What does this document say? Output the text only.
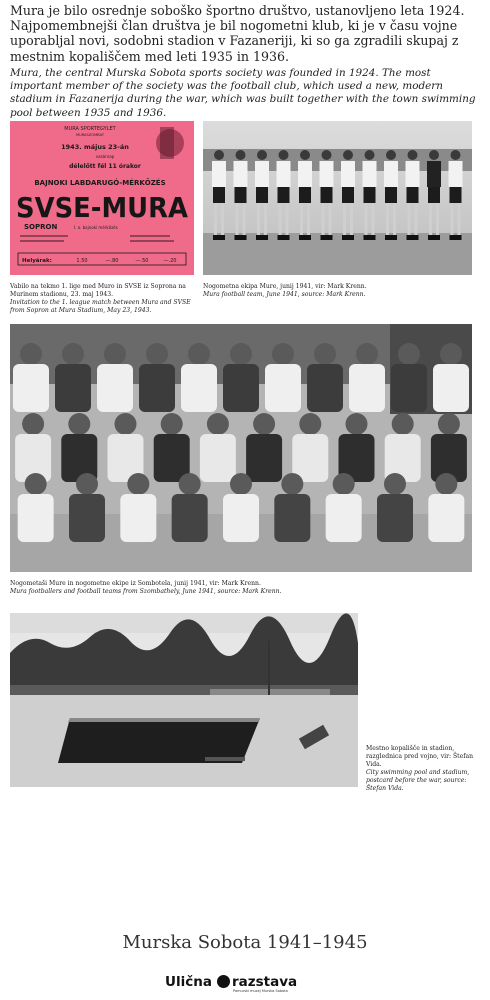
Mura je bilo osrednje soboško športno društvo, ustanovljeno leta 1924. Najpomembnejši član društva je bil nogometni klub, ki je v času vojne uporabljal novi, sodobni stadion v Fazaneriji, ki so ga zgradili skupaj z mestnim kopališčem med leti 1935 in 1936.

Mura, the central Murska Sobota sports society was founded in 1924. The most important member of the society was the football club, which used a new, modern stadium in Fazanerija during the war, which was built together with the town swimming pool between 1935 and 1936.

MURA SPORTEGYLET
MURASZOMBAT
1943. május 23-án
vasárnap
délelőtt fél 11 órakor
BAJNOKI LABDARUGÓ-MÉRKŐZÉS
SVSE-MURA
SOPRON	I. o. bajnoki mérkőzés
Helyárak:	1.50	—.80	—.50	—.20

Vabilo na tekmo 1. lige med Muro in SVSE iz Soprona na Murinem stadionu, 23. maj 1943.
Invitation to the 1. league match between Mura and SVSE from Sopron at Mura Stadium, May 23, 1943.

Nogometna ekipa Mure, junij 1941, vir: Mark Krenn.
Mura football team, June 1941, source: Mark Krenn.

Nogometaši Mure in nogometne ekipe iz Sombotela, junij 1941, vir: Mark Krenn.
Mura footballers and football teams from Szombathely, June 1941, source: Mark Krenn.

Mestno kopališče in stadion, razglednica pred vojno, vir: Štefan Vida.
City swimming pool and stadium, postcard before the war, source: Štefan Vida.

Murska Sobota 1941–1945
Ulična razstava
Pomurski muzej Murska Sobota
